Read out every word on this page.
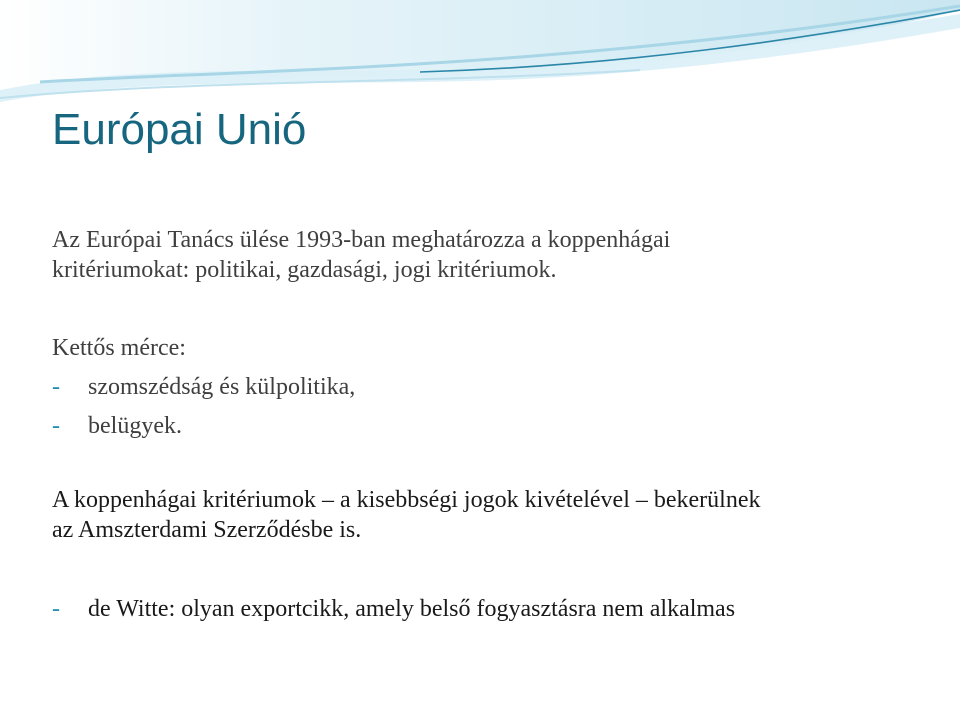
Európai Unió
Az Európai Tanács ülése 1993-ban meghatározza a koppenhágai
kritériumokat: politikai, gazdasági, jogi kritériumok.
Kettős mérce:
- szomszédság és külpolitika,
- belügyek.
A koppenhágai kritériumok – a kisebbségi jogok kivételével – bekerülnek
az Amszterdami Szerződésbe is.
- de Witte: olyan exportcikk, amely belső fogyasztásra nem alkalmas
